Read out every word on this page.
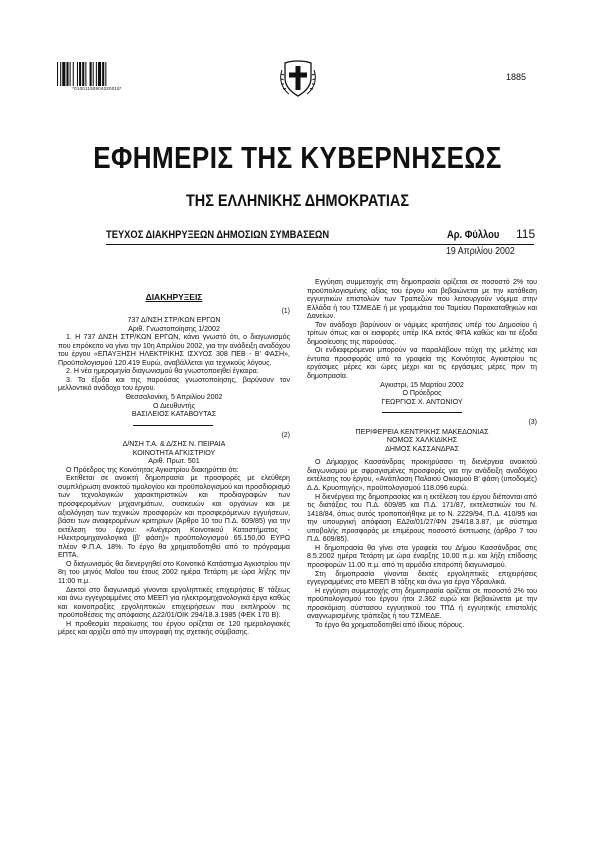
*01001150904020016*
1885
ΕΦΗΜΕΡΙΣ ΤΗΣ ΚΥΒΕΡΝΗΣΕΩΣ
ΤΗΣ ΕΛΛΗΝΙΚΗΣ ΔΗΜΟΚΡΑΤΙΑΣ
ΤΕΥΧΟΣ ΔΙΑΚΗΡΥΞΕΩΝ ΔΗΜΟΣΙΩΝ ΣΥΜΒΑΣΕΩΝ	Αρ. Φύλλου 115
19 Απριλίου 2002

ΔΙΑΚΗΡΥΞΕΙΣ

(1)

737 Δ/ΝΣΗ ΣΤΡ/ΚΩΝ ΕΡΓΩΝ

Αριθ. Γνωστοποίησης 1/2002

1. Η 737 ΔΝΣΗ ΣΤΡ/ΚΩΝ ΕΡΓΩΝ, κάνει γνωστό ότι, ο διαγωνισμός που επρόκειτο να γίνει την 10η Απριλίου 2002, για την ανάδειξη αναδόχου του έργου «ΕΠΑΥΞΗΣΗ ΗΛΕΚΤΡΙΚΗΣ ΙΣΧΥΟΣ 308 ΠΕΒ - Β' ΦΑΣΗ», Προϋπολογισμού 120.419 Ευρώ, αναβάλλεται για τεχνικούς λόγους.

2. Η νέα ημερομηνία διαγωνισμού θα γνωστοποιηθεί έγκαιρα.

3. Τα έξοδα και της παρούσας γνωστοποίησης, βαρύνουν τον μελλοντικό ανάδοχο του έργου.

Θεσσαλονίκη, 5 Απριλίου 2002

Ο Διευθυντής

ΒΑΣΙΛΕΙΟΣ ΚΑΤΑΒΟΥΤΑΣ

(2)

Δ/ΝΣΗ Τ.Α. & Δ/ΣΗΣ Ν. ΠΕΙΡΑΙΑ

ΚΟΙΝΟΤΗΤΑ ΑΓΚΙΣΤΡΙΟΥ

Αριθ. Πρωτ. 501

Ο Πρόεδρος της Κοινότητας Αγκιστρίου διακηρύττει ότι:

Εκτίθεται σε ανοικτή δημοπρασία με προσφορές με ελεύθερη συμπλήρωση ανοικτού τιμολογίου και προϋπολογισμού και προσδιορισμό των τεχνολογικών χαρακτηριστικών και προδιαγραφών των προσφερομένων μηχανημάτων, συσκευών και οργάνων και με αξιολόγηση των τεχνικών προσφορών και προσφερόμενων εγγυήσεων, βάσει των αναφερομένων κριτηρίων (Άρθρο 10 του Π.Δ. 609/85) για την εκτέλεση του έργου: «Ανέγερση Κοινοτικού Καταστήματος - Ηλεκτρομηχανολογικά (β' φάση)» προϋπολογισμού 65.150,00 ΕΥΡΩ πλέον Φ.Π.Α. 18%. Το έργο θα χρηματοδοτηθεί από το πρόγραμμα ΕΠΤΑ.

Ο διαγωνισμός θα διενεργηθεί στο Κοινοτικό Κατάστημα Αγκιστρίου την 8η του μηνός Μαΐου του έτους 2002 ημέρα Τετάρτη με ώρα λήξης την 11:00 π.μ.

Δεκτοί στο διαγωνισμό γίνονται εργοληπτικές επιχειρήσεις Β' τάξεως και άνω εγγεγραμμένες στο ΜΕΕΠ για ηλεκτρομηχανολογικά έργα καθώς και κοινοπραξίες εργοληπτικών επιχειρήσεων που εκπληρούν τις προϋποθέσεις της απόφασης Δ22/01/ΟΙΚ 294/18.3.1985 (ΦΕΚ 170 Β).

Η προθεσμία περαίωσης του έργου ορίζεται σε 120 ημερολογιακές μέρες και αρχίζει από την υπογραφή της σχετικής σύμβασης.

Εγγύηση συμμετοχής στη δημοπρασία ορίζεται σε ποσοστό 2% του προϋπολογισμένης αξίας του έργου και βεβαιώνεται με την κατάθεση εγγυητικών επιστολών των Τραπεζών που λειτουργούν νόμιμα στην Ελλάδα ή του ΤΣΜΕΔΕ ή με γραμμάτια του Ταμείου Παρακαταθηκών και Δανείων.

Τον ανάδοχο βαρύνουν οι νόμιμες κρατήσεις υπέρ του Δημοσίου ή τρίτων όπως και οι εισφορές υπέρ ΙΚΑ εκτός ΦΠΑ καθώς και τα έξοδα δημοσίευσης της παρούσας.

Οι ενδιαφερόμενοι μπορούν να παραλάβουν τεύχη της μελέτης και έντυπα προσφοράς από τα γραφεία της Κοινότητας Αγκιστρίου τις εργάσιμες μέρες και ώρες μέχρι και τις εργάσιμες μέρες πριν τη δημοπρασία.

Αγκιστρι, 15 Μαρτίου 2002

Ο Πρόεδρος

ΓΕΩΡΓΙΟΣ Χ. ΑΝΤΩΝΙΟΥ

(3)

ΠΕΡΙΦΕΡΕΙΑ ΚΕΝΤΡΙΚΗΣ ΜΑΚΕΔΟΝΙΑΣ

ΝΟΜΟΣ ΧΑΛΚΙΔΙΚΗΣ

ΔΗΜΟΣ ΚΑΣΣΑΝΔΡΑΣ

Ο Δήμαρχος Κασσάνδρας προκηρύσσει τη διενέργεια ανοικτού διαγωνισμού με σφραγισμένες προσφορές για την ανάδειξη αναδόχου εκτέλεσης του έργου, «Ανάπλαση Παλαιού Οικισμού Β' φάση (υποδομές) Δ.Δ. Κρυοπηγής», προϋπολογισμού 118.096 ευρώ.

Η διενέργεια της δημοπρασίας και η εκτέλεση του έργου διέπονται από τις διατάξεις του Π.Δ. 609/85 και Π.Δ. 171/87, εκτελεστικών του Ν. 1418/84, όπως αυτός τροποποιήθηκε με το Ν. 2229/94, Π.Δ. 410/95 και την υπουργική απόφαση Ε∆2α/01/27/ΦΝ 294/18.3.87, με σύστημα υποβολής προσφοράς με επιμέρους ποσοστό έκπτωσης (άρθρο 7 του Π.Δ. 609/85).

Η δημοπρασία θα γίνει στα γραφεία του Δήμου Κασσάνδρας στις 8.5.2002 ημέρα Τετάρτη με ώρα έναρξης 10.00 π.μ. και λήξη επίδοσης προσφορών 11.00 π.μ. από τη αρμόδια επιτροπή διαγωνισμού.

Στη δημοπρασία γίνονται δεκτές εργοληπτικές επιχειρήσεις εγγεγραμμένες στο ΜΕΕΠ Β τάξης και άνω για έργα Υδραυλικά.

Η εγγύηση συμμετοχής στη δημοπρασία ορίζεται σε ποσοστό 2% του προϋπολογισμού του έργου ήτοι 2.362 ευρώ και βεβαιώνεται με την προσκόμιση σύστασου εγγυητικού του ΤΠΔ ή εγγυητικής επιστολής αναγνωρισμένης τράπεζας ή του ΤΣΜΕΔΕ.

Το έργο θα χρηματοδοτηθεί από ίδιους πόρους.
